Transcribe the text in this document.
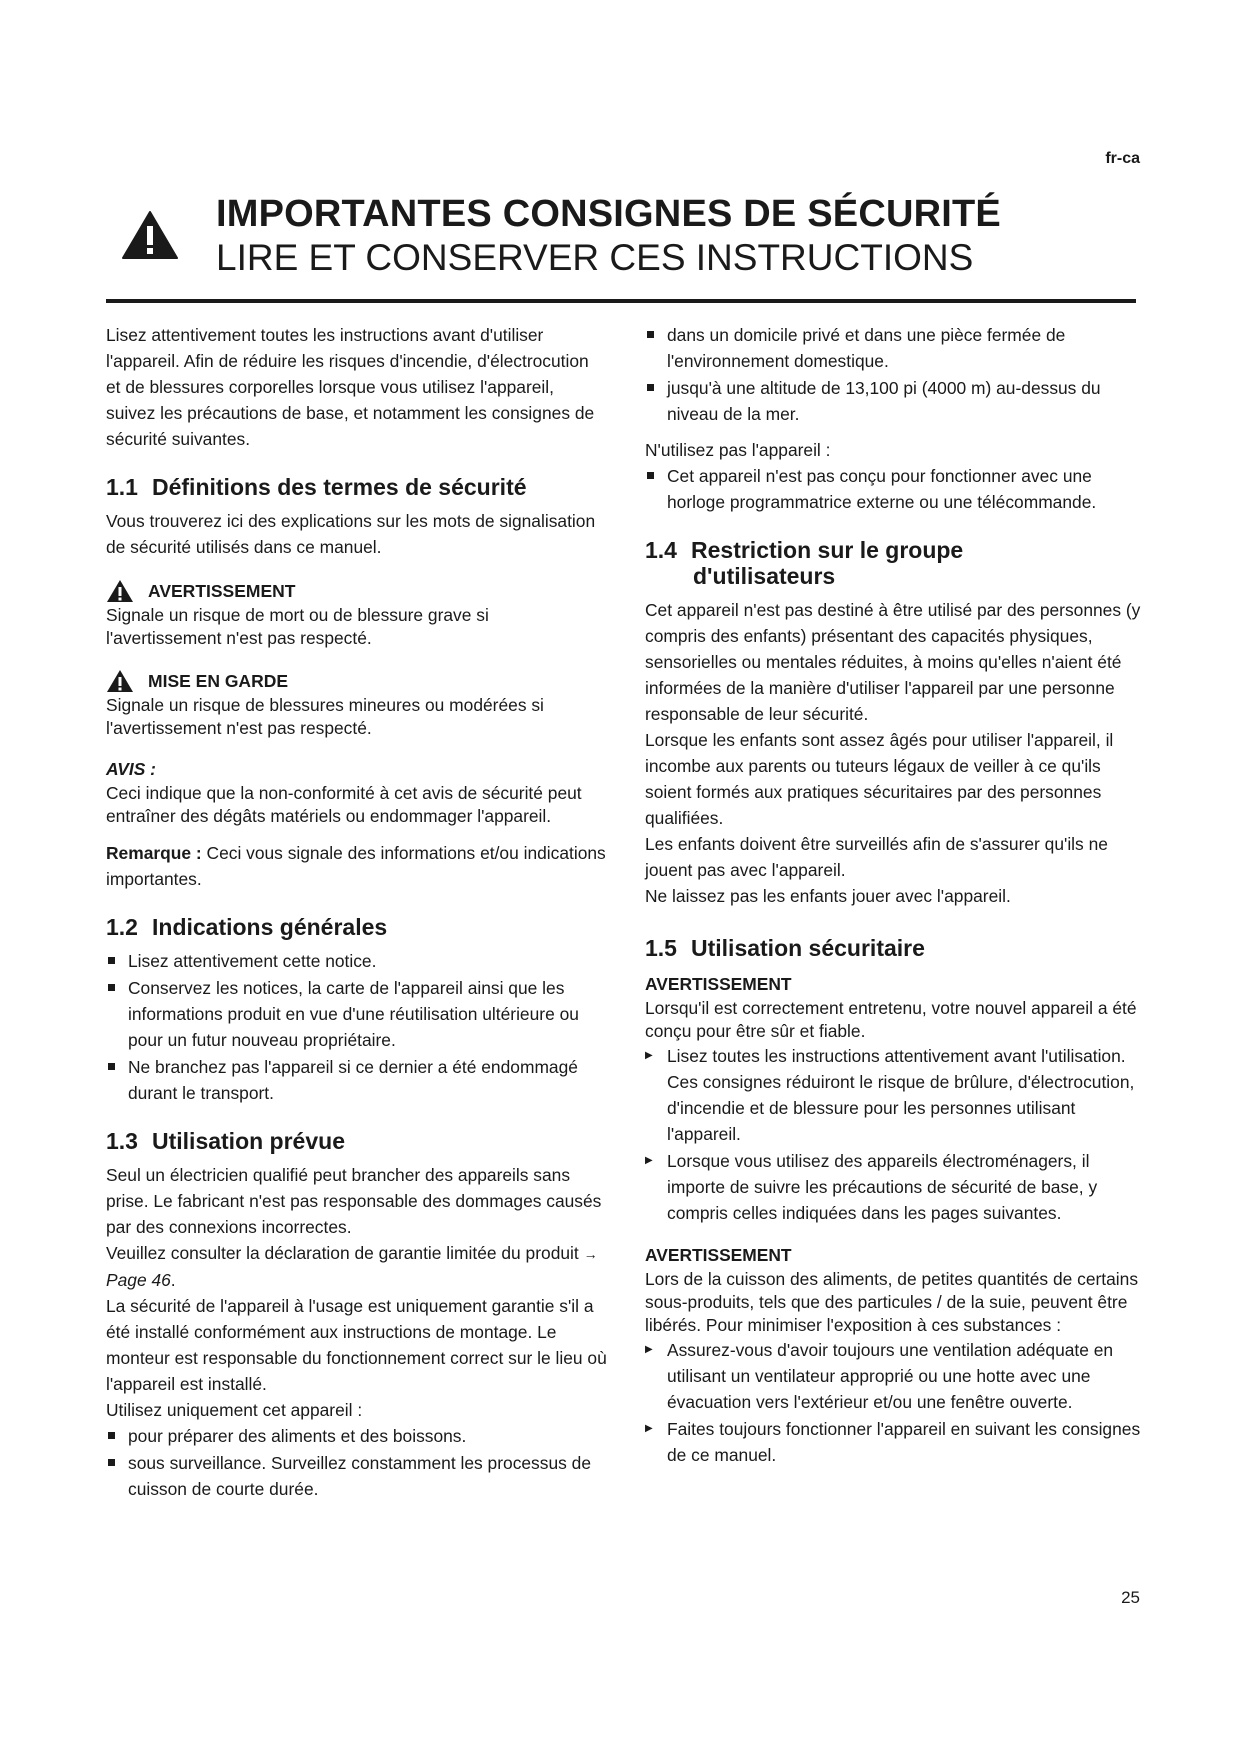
fr-ca
IMPORTANTES CONSIGNES DE SÉCURITÉ
LIRE ET CONSERVER CES INSTRUCTIONS

Lisez attentivement toutes les instructions avant d'utiliser l'appareil. Afin de réduire les risques d'incendie, d'électrocution et de blessures corporelles lorsque vous utilisez l'appareil, suivez les précautions de base, et notamment les consignes de sécurité suivantes.

1.1 Définitions des termes de sécurité

Vous trouverez ici des explications sur les mots de signalisation de sécurité utilisés dans ce manuel.

AVERTISSEMENT
Signale un risque de mort ou de blessure grave si l'avertissement n'est pas respecté.
MISE EN GARDE
Signale un risque de blessures mineures ou modérées si l'avertissement n'est pas respecté.
AVIS :
Ceci indique que la non-conformité à cet avis de sécurité peut entraîner des dégâts matériels ou endommager l'appareil.

Remarque : Ceci vous signale des informations et/ou indications importantes.

1.2 Indications générales
Lisez attentivement cette notice.
Conservez les notices, la carte de l'appareil ainsi que les informations produit en vue d'une réutilisation ultérieure ou pour un futur nouveau propriétaire.
Ne branchez pas l'appareil si ce dernier a été endommagé durant le transport.
1.3 Utilisation prévue

Seul un électricien qualifié peut brancher des appareils sans prise. Le fabricant n'est pas responsable des dommages causés par des connexions incorrectes.

Veuillez consulter la déclaration de garantie limitée du produit → Page 46.

La sécurité de l'appareil à l'usage est uniquement garantie s'il a été installé conformément aux instructions de montage. Le monteur est responsable du fonctionnement correct sur le lieu où l'appareil est installé.

Utilisez uniquement cet appareil :

pour préparer des aliments et des boissons.
sous surveillance. Surveillez constamment les processus de cuisson de courte durée.
dans un domicile privé et dans une pièce fermée de l'environnement domestique.
jusqu'à une altitude de 13,100 pi (4000 m) au-dessus du niveau de la mer.

N'utilisez pas l'appareil :

Cet appareil n'est pas conçu pour fonctionner avec une horloge programmatrice externe ou une télécommande.
1.4 Restriction sur le groupe
d'utilisateurs

Cet appareil n'est pas destiné à être utilisé par des personnes (y compris des enfants) présentant des capacités physiques, sensorielles ou mentales réduites, à moins qu'elles n'aient été informées de la manière d'utiliser l'appareil par une personne responsable de leur sécurité.

Lorsque les enfants sont assez âgés pour utiliser l'appareil, il incombe aux parents ou tuteurs légaux de veiller à ce qu'ils soient formés aux pratiques sécuritaires par des personnes qualifiées.

Les enfants doivent être surveillés afin de s'assurer qu'ils ne jouent pas avec l'appareil.

Ne laissez pas les enfants jouer avec l'appareil.

1.5 Utilisation sécuritaire
AVERTISSEMENT

Lorsqu'il est correctement entretenu, votre nouvel appareil a été conçu pour être sûr et fiable.

▶ Lisez toutes les instructions attentivement avant l'utilisation. Ces consignes réduiront le risque de brûlure, d'électrocution, d'incendie et de blessure pour les personnes utilisant l'appareil.
▶ Lorsque vous utilisez des appareils électroménagers, il importe de suivre les précautions de sécurité de base, y compris celles indiquées dans les pages suivantes.
AVERTISSEMENT

Lors de la cuisson des aliments, de petites quantités de certains sous-produits, tels que des particules / de la suie, peuvent être libérés. Pour minimiser l'exposition à ces substances :

▶ Assurez-vous d'avoir toujours une ventilation adéquate en utilisant un ventilateur approprié ou une hotte avec une évacuation vers l'extérieur et/ou une fenêtre ouverte.
▶ Faites toujours fonctionner l'appareil en suivant les consignes de ce manuel.
25
